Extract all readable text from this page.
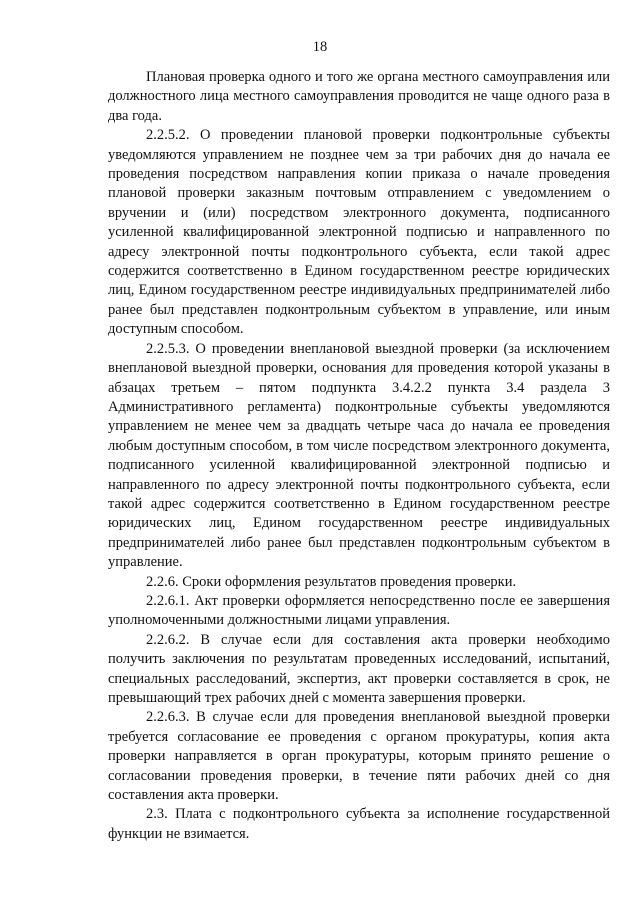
18

Плановая проверка одного и того же органа местного самоуправления или должностного лица местного самоуправления проводится не чаще одного раза в два года.

2.2.5.2. О проведении плановой проверки подконтрольные субъекты уведомляются управлением не позднее чем за три рабочих дня до начала ее проведения посредством направления копии приказа о начале проведения плановой проверки заказным почтовым отправлением с уведомлением о вручении и (или) посредством электронного документа, подписанного усиленной квалифицированной электронной подписью и направленного по адресу электронной почты подконтрольного субъекта, если такой адрес содержится соответственно в Едином государственном реестре юридических лиц, Едином государственном реестре индивидуальных предпринимателей либо ранее был представлен подконтрольным субъектом в управление, или иным доступным способом.

2.2.5.3. О проведении внеплановой выездной проверки (за исключением внеплановой выездной проверки, основания для проведения которой указаны в абзацах третьем – пятом подпункта 3.4.2.2 пункта 3.4 раздела 3 Административного регламента) подконтрольные субъекты уведомляются управлением не менее чем за двадцать четыре часа до начала ее проведения любым доступным способом, в том числе посредством электронного документа, подписанного усиленной квалифицированной электронной подписью и направленного по адресу электронной почты подконтрольного субъекта, если такой адрес содержится соответственно в Едином государственном реестре юридических лиц, Едином государственном реестре индивидуальных предпринимателей либо ранее был представлен подконтрольным субъектом в управление.

2.2.6. Сроки оформления результатов проведения проверки.

2.2.6.1. Акт проверки оформляется непосредственно после ее завершения уполномоченными должностными лицами управления.

2.2.6.2. В случае если для составления акта проверки необходимо получить заключения по результатам проведенных исследований, испытаний, специальных расследований, экспертиз, акт проверки составляется в срок, не превышающий трех рабочих дней с момента завершения проверки.

2.2.6.3. В случае если для проведения внеплановой выездной проверки требуется согласование ее проведения с органом прокуратуры, копия акта проверки направляется в орган прокуратуры, которым принято решение о согласовании проведения проверки, в течение пяти рабочих дней со дня составления акта проверки.

2.3. Плата с подконтрольного субъекта за исполнение государственной функции не взимается.
